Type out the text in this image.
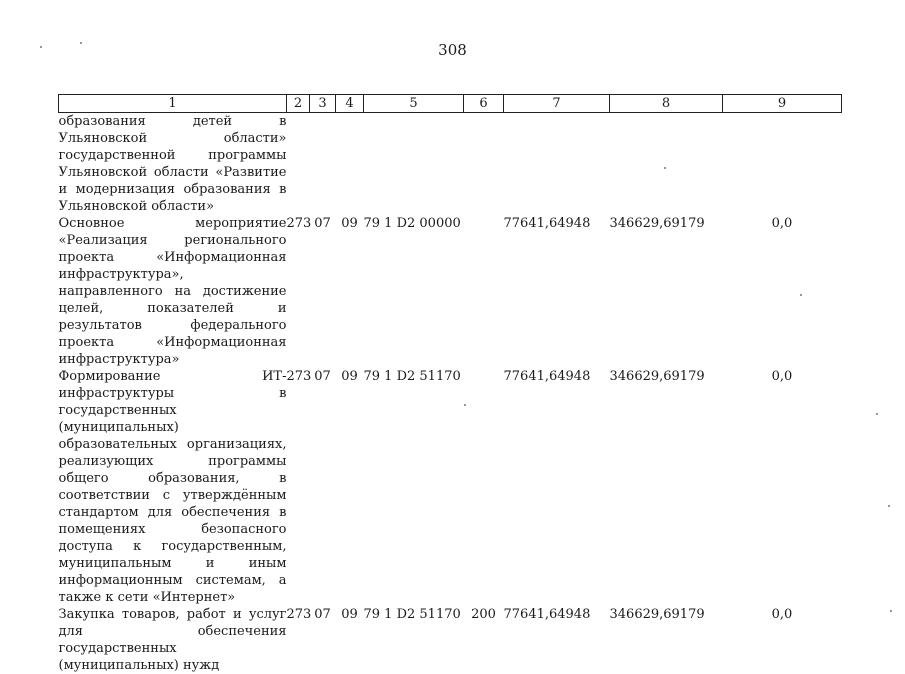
308
1	2	3	4	5	6	7	8	9
образования детей в Ульяновской области» государственной программы Ульяновской области «Развитие и модернизация образования в Ульяновской области»								
Основное мероприятие «Реализация регионального проекта «Информационная инфраструктура», направленного на достижение целей, показателей и результатов федерального проекта «Информационная инфраструктура»	273	07	09	79 1 D2 00000		77641,64948	346629,69179	0,0
Формирование ИТ-инфраструктуры в государственных (муниципальных) образовательных организациях, реализующих программы общего образования, в соответствии с утверждённым стандартом для обеспечения в помещениях безопасного доступа к государственным, муниципальным и иным информационным системам, а также к сети «Интернет»	273	07	09	79 1 D2 51170		77641,64948	346629,69179	0,0
Закупка товаров, работ и услуг для обеспечения государственных (муниципальных) нужд	273	07	09	79 1 D2 51170	200	77641,64948	346629,69179	0,0
